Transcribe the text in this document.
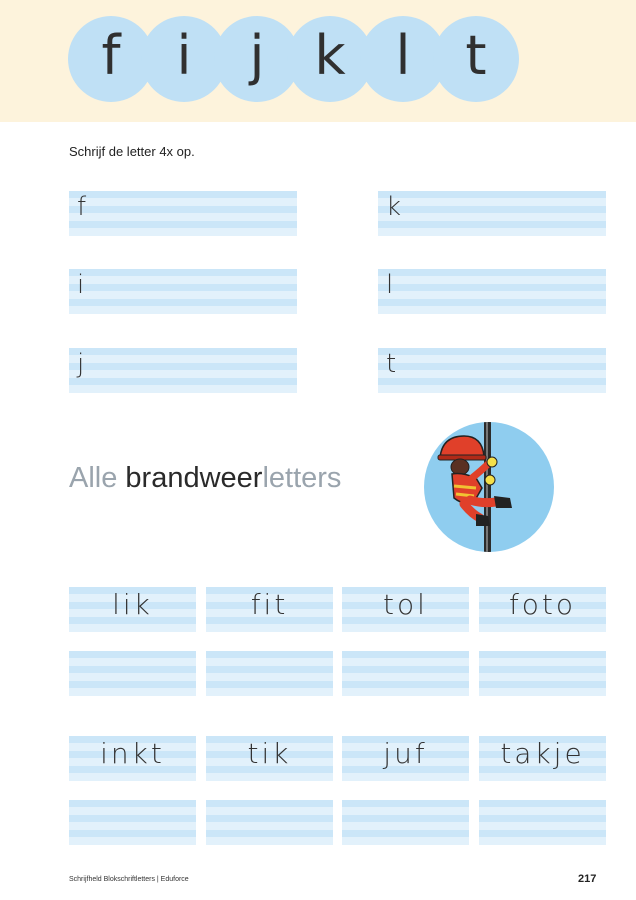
f i j k l t
Schrijf de letter 4x op.
f	k
i	l
j	t
Alle brandweerletters
lik	fit	tol	foto
inkt	tik	juf	takje
Schrijfheld Blokschriftletters | Eduforce	217
